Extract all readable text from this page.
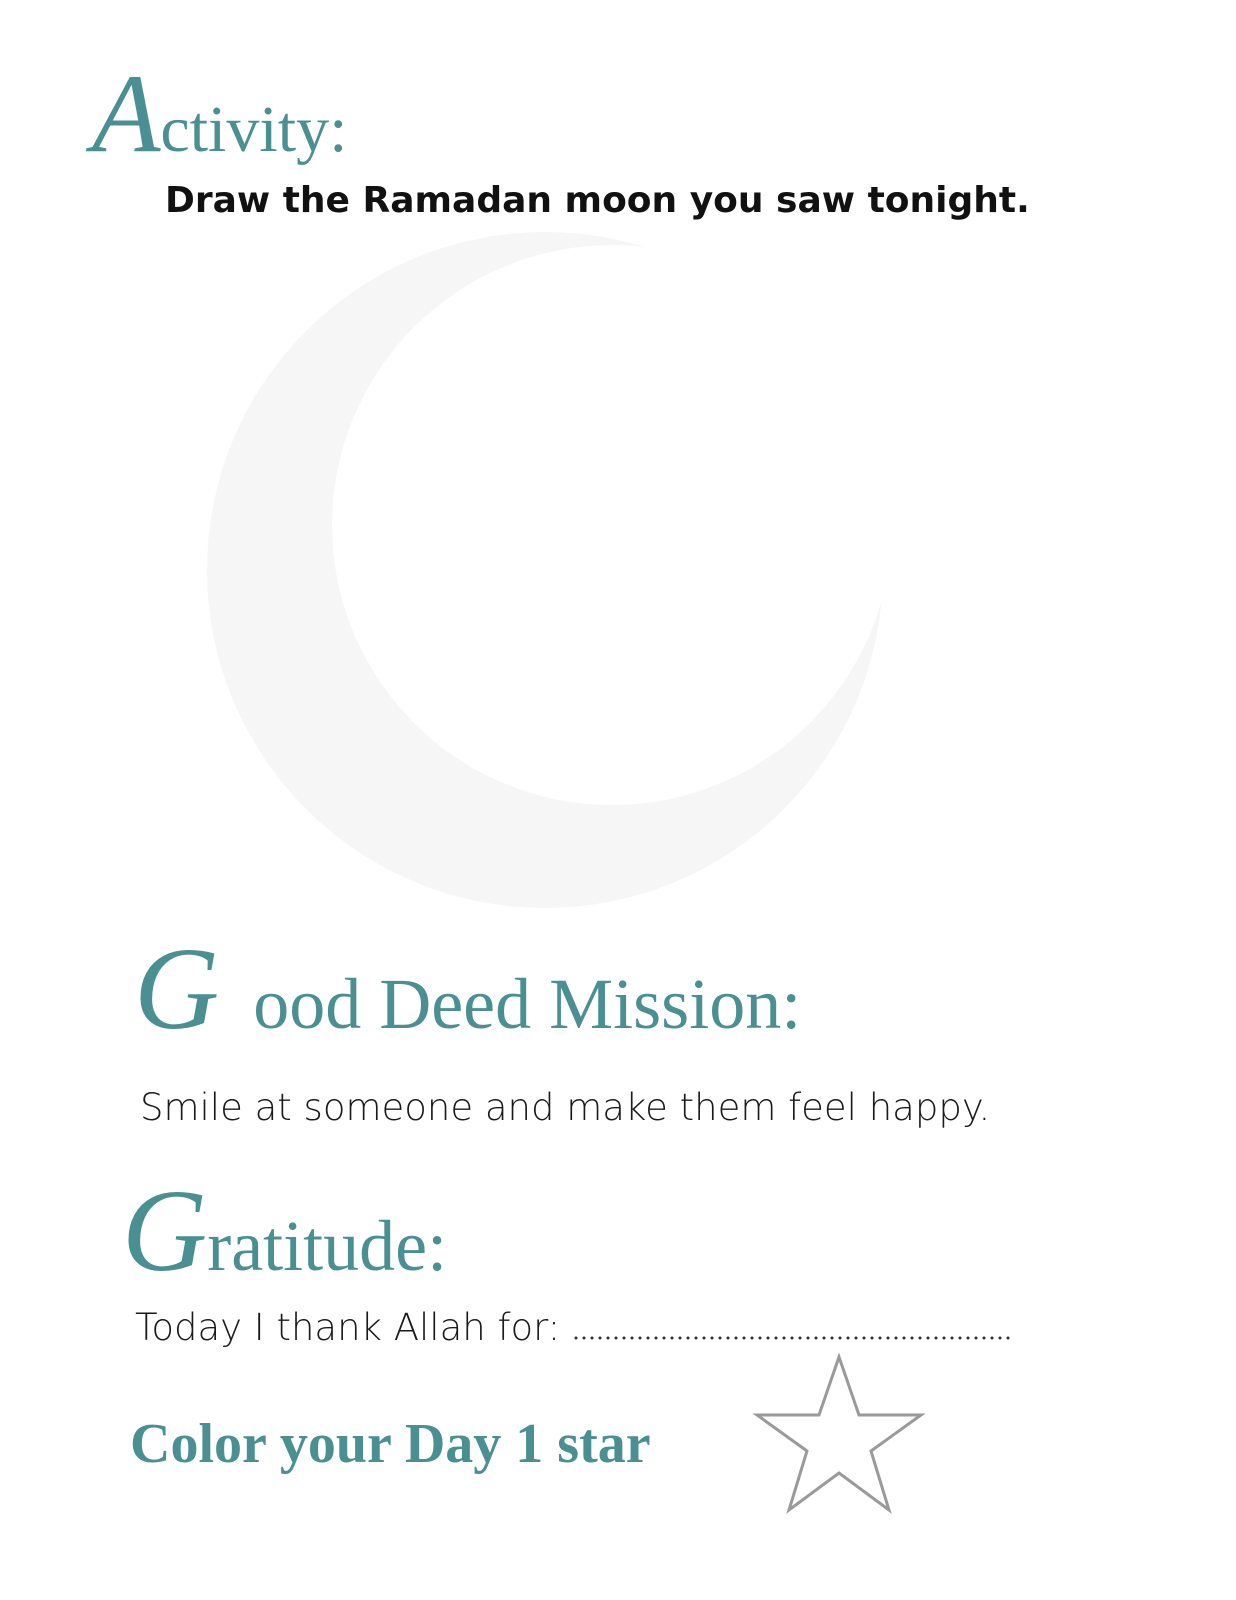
Activity:
Draw the Ramadan moon you saw tonight.
Good Deed Mission:
Smile at someone and make them feel happy.
Gratitude:
Today I thank Allah for:
Color your Day 1 star
